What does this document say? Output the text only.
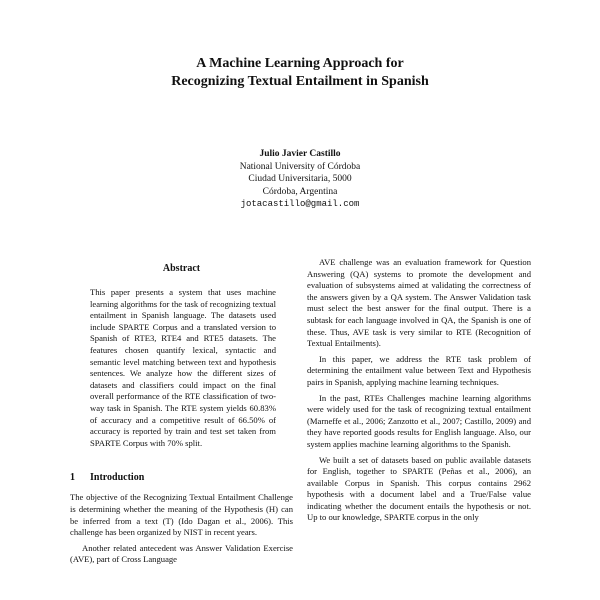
A Machine Learning Approach for
Recognizing Textual Entailment in Spanish
Julio Javier Castillo
National University of Córdoba
Ciudad Universitaria, 5000
Córdoba, Argentina
jotacastillo@gmail.com
Abstract

This paper presents a system that uses machine learning algorithms for the task of recognizing textual entailment in Spanish language. The datasets used include SPARTE Corpus and a translated version to Spanish of RTE3, RTE4 and RTE5 datasets. The features chosen quantify lexical, syntactic and semantic level matching between text and hypothesis sentences. We analyze how the different sizes of datasets and classifiers could impact on the final overall performance of the RTE classification of two-way task in Spanish. The RTE system yields 60.83% of accuracy and a competitive result of 66.50% of accuracy is reported by train and test set taken from SPARTE Corpus with 70% split.

1 Introduction

The objective of the Recognizing Textual Entailment Challenge is determining whether the meaning of the Hypothesis (H) can be inferred from a text (T) (Ido Dagan et al., 2006). This challenge has been organized by NIST in recent years.

Another related antecedent was Answer Validation Exercise (AVE), part of Cross Language

AVE challenge was an evaluation framework for Question Answering (QA) systems to promote the development and evaluation of subsystems aimed at validating the correctness of the answers given by a QA system. The Answer Validation task must select the best answer for the final output. There is a subtask for each language involved in QA, the Spanish is one of these. Thus, AVE task is very similar to RTE (Recognition of Textual Entailments).

In this paper, we address the RTE task problem of determining the entailment value between Text and Hypothesis pairs in Spanish, applying machine learning techniques.

In the past, RTEs Challenges machine learning algorithms were widely used for the task of recognizing textual entailment (Marneffe et al., 2006; Zanzotto et al., 2007; Castillo, 2009) and they have reported goods results for English language. Also, our system applies machine learning algorithms to the Spanish.

We built a set of datasets based on public available datasets for English, together to SPARTE (Peñas et al., 2006), an available Corpus in Spanish. This corpus contains 2962 hypothesis with a document label and a True/False value indicating whether the document entails the hypothesis or not. Up to our knowledge, SPARTE corpus in the only
